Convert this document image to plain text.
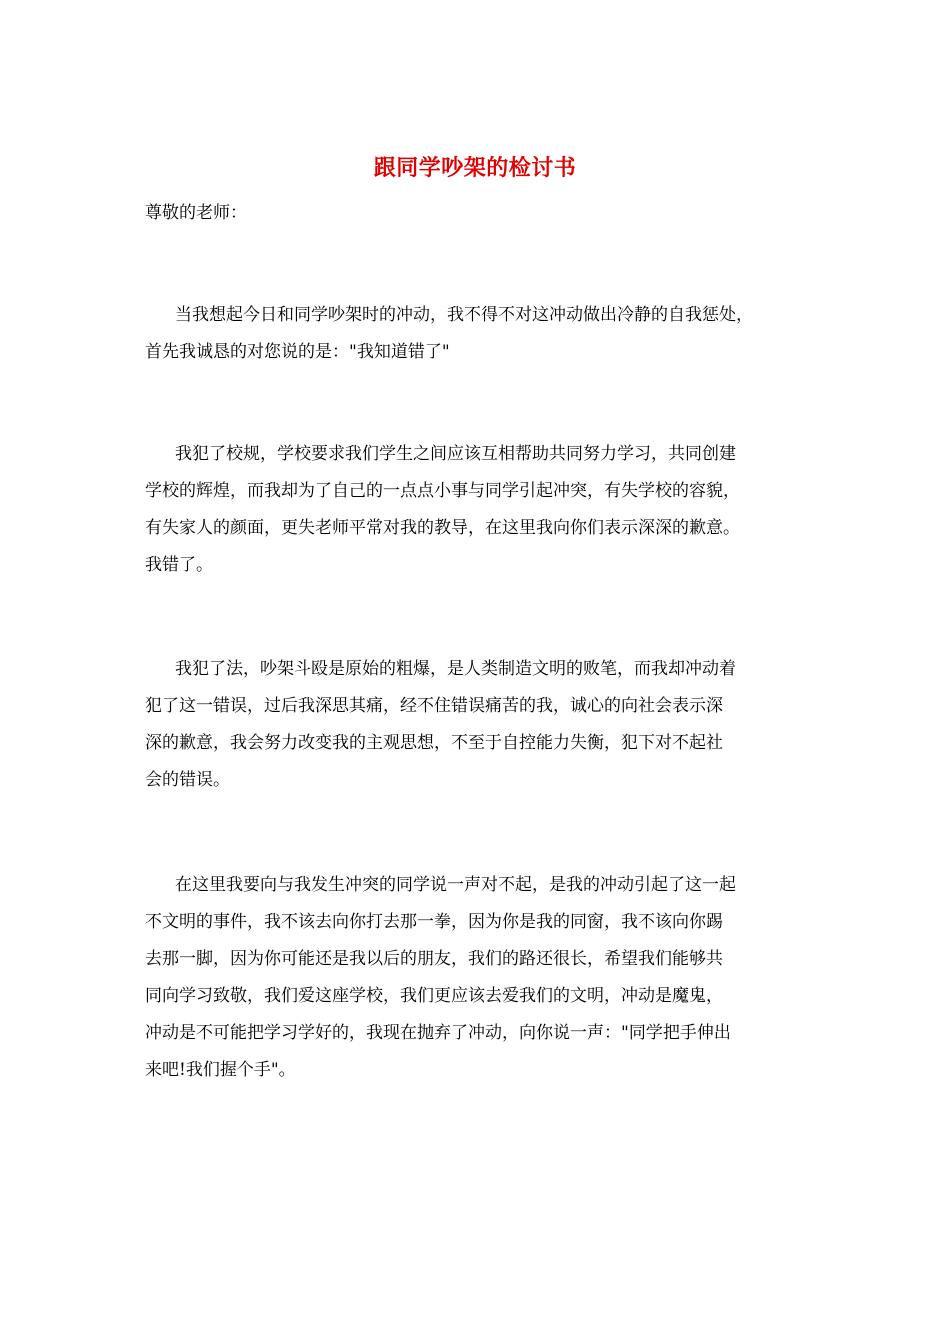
跟同学吵架的检讨书
尊敬的老师：
当我想起今日和同学吵架时的冲动，我不得不对这冲动做出冷静的自我惩处，
首先我诚恳的对您说的是："我知道错了"
我犯了校规，学校要求我们学生之间应该互相帮助共同努力学习，共同创建
学校的辉煌，而我却为了自己的一点点小事与同学引起冲突，有失学校的容貌，
有失家人的颜面，更失老师平常对我的教导，在这里我向你们表示深深的歉意。
我错了。
我犯了法，吵架斗殴是原始的粗爆，是人类制造文明的败笔，而我却冲动着
犯了这一错误，过后我深思其痛，经不住错误痛苦的我，诚心的向社会表示深
深的歉意，我会努力改变我的主观思想，不至于自控能力失衡，犯下对不起社
会的错误。
在这里我要向与我发生冲突的同学说一声对不起，是我的冲动引起了这一起
不文明的事件，我不该去向你打去那一拳，因为你是我的同窗，我不该向你踢
去那一脚，因为你可能还是我以后的朋友，我们的路还很长，希望我们能够共
同向学习致敬，我们爱这座学校，我们更应该去爱我们的文明，冲动是魔鬼，
冲动是不可能把学习学好的，我现在抛弃了冲动，向你说一声："同学把手伸出
来吧!我们握个手"。
